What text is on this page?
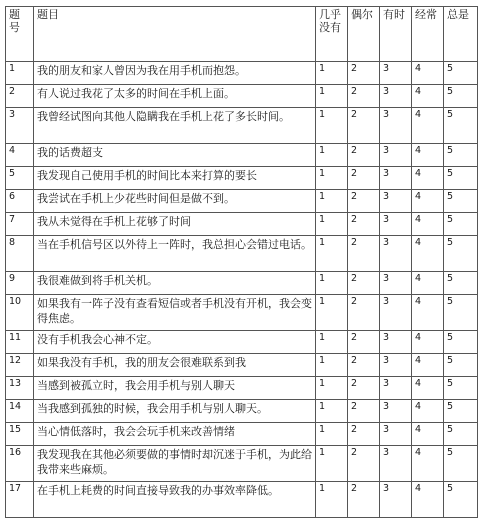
题号	题目	几乎没有	偶尔	有时	经常	总是
1	我的朋友和家人曾因为我在用手机而抱怨。	1	2	3	4	5
2	有人说过我花了太多的时间在手机上面。	1	2	3	4	5
3	我曾经试图向其他人隐瞒我在手机上花了多长时间。	1	2	3	4	5
4	我的话费超支	1	2	3	4	5
5	我发现自己使用手机的时间比本来打算的要长	1	2	3	4	5
6	我尝试在手机上少花些时间但是做不到。	1	2	3	4	5
7	我从未觉得在手机上花够了时间	1	2	3	4	5
8	当在手机信号区以外待上一阵时，我总担心会错过电话。	1	2	3	4	5
9	我很难做到将手机关机。	1	2	3	4	5
10	如果我有一阵子没有查看短信或者手机没有开机，我会变得焦虑。	1	2	3	4	5
11	没有手机我会心神不定。	1	2	3	4	5
12	如果我没有手机，我的朋友会很难联系到我	1	2	3	4	5
13	当感到被孤立时，我会用手机与别人聊天	1	2	3	4	5
14	当我感到孤独的时候，我会用手机与别人聊天。	1	2	3	4	5
15	当心情低落时，我会会玩手机来改善情绪	1	2	3	4	5
16	我发现我在其他必须要做的事情时却沉迷于手机，为此给我带来些麻烦。	1	2	3	4	5
17	在手机上耗费的时间直接导致我的办事效率降低。	1	2	3	4	5
